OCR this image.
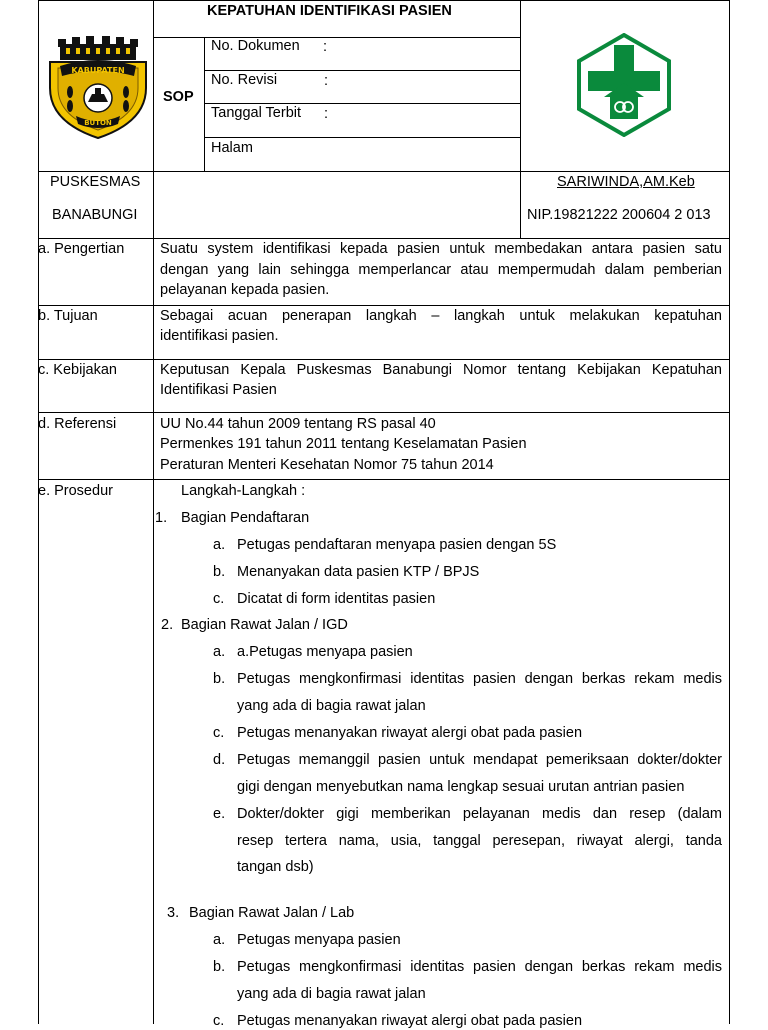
KABUPATEN
BUTON
KEPATUHAN IDENTIFIKASI PASIEN
SOP
No. Dokumen :
No. Revisi	:
Tanggal Terbit :
Halam
PUSKESMAS
BANABUNGI
SARIWINDA,AM.Keb
NIP.19821222 200604 2 013
a. Pengertian Suatu system identifikasi kepada pasien untuk membedakan antara pasien satu
dengan yang lain sehingga memperlancar atau mempermudah dalam pemberian
pelayanan kepada pasien.
b. Tujuan	Sebagai acuan penerapan langkah – langkah untuk melakukan kepatuhan
identifikasi pasien.
c. Kebijakan	Keputusan Kepala Puskesmas Banabungi Nomor tentang Kebijakan Kepatuhan
Identifikasi Pasien
d. Referensi	UU No.44 tahun 2009 tentang RS pasal 40
Permenkes 191 tahun 2011 tentang Keselamatan Pasien
Peraturan Menteri Kesehatan Nomor 75 tahun 2014
e. Prosedur	Langkah-Langkah :
1. Bagian Pendaftaran
a. Petugas pendaftaran menyapa pasien dengan 5S
b. Menanyakan data pasien KTP / BPJS
c. Dicatat di form identitas pasien
2. Bagian Rawat Jalan / IGD
a. a.Petugas menyapa pasien
b. Petugas mengkonfirmasi identitas pasien dengan berkas rekam medis
yang ada di bagia rawat jalan
c. Petugas menanyakan riwayat alergi obat pada pasien
d. Petugas memanggil pasien untuk mendapat pemeriksaan dokter/dokter
gigi dengan menyebutkan nama lengkap sesuai urutan antrian pasien
e. Dokter/dokter gigi memberikan pelayanan medis dan resep (dalam
resep tertera nama, usia, tanggal peresepan, riwayat alergi, tanda
tangan dsb)
3. Bagian Rawat Jalan / Lab
a. Petugas menyapa pasien
b. Petugas mengkonfirmasi identitas pasien dengan berkas rekam medis
yang ada di bagia rawat jalan
c. Petugas menanyakan riwayat alergi obat pada pasien
